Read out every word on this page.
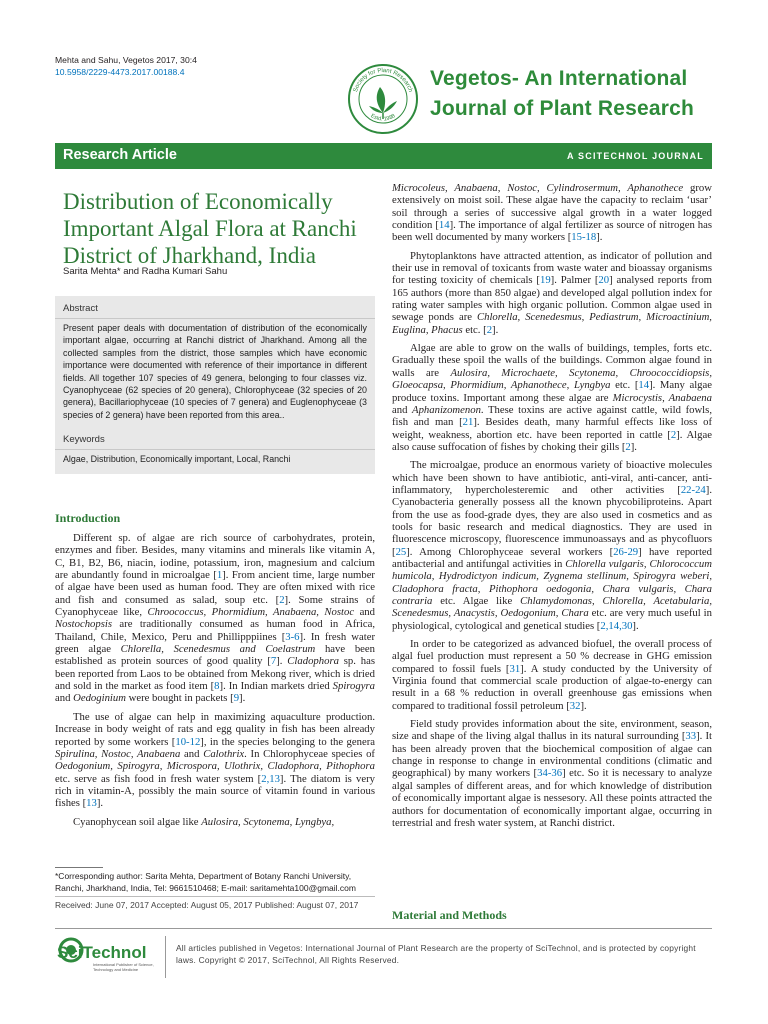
Mehta and Sahu, Vegetos 2017, 30:4
10.5958/2229-4473.2017.00188.4
Society for Plant Research
Estd. 1988
Vegetos- An International
Journal of Plant Research
Research Article	A SCITECHNOL JOURNAL
Distribution of Economically
Important Algal Flora at Ranchi
District of Jharkhand, India
Sarita Mehta* and Radha Kumari Sahu
Abstract
Present paper deals with documentation of distribution of the economically important algae, occurring at Ranchi district of Jharkhand. Among all the collected samples from the district, those samples which have economic importance were documented with reference of their importance in different fields. All together 107 species of 49 genera, belonging to four classes viz. Cyanophyceae (62 species of 20 genera), Chlorophyceae (32 species of 20 genera), Bacillariophyceae (10 species of 7 genera) and Euglenophyceae (3 species of 2 genera) have been reported from this area..
Keywords
Algae, Distribution, Economically important, Local, Ranchi
Introduction

Different sp. of algae are rich source of carbohydrates, protein, enzymes and fiber. Besides, many vitamins and minerals like vitamin A, C, B1, B2, B6, niacin, iodine, potassium, iron, magnesium and calcium are abundantly found in microalgae [1]. From ancient time, large number of algae have been used as human food. They are often mixed with rice and fish and consumed as salad, soup etc. [2]. Some strains of Cyanophyceae like, Chroococcus, Phormidium, Anabaena, Nostoc and Nostochopsis are traditionally consumed as human food in Africa, Thailand, Chile, Mexico, Peru and Phillipppiines [3-6]. In fresh water green algae Chlorella, Scenedesmus and Coelastrum have been established as protein sources of good quality [7]. Cladophora sp. has been reported from Laos to be obtained from Mekong river, which is dried and sold in the market as food item [8]. In Indian markets dried Spirogyra and Oedoginium were bought in packets [9].

The use of algae can help in maximizing aquaculture production. Increase in body weight of rats and egg quality in fish has been already reported by some workers [10-12], in the species belonging to the genera Spirulina, Nostoc, Anabaena and Calothrix. In Chlorophyceae species of Oedogonium, Spirogyra, Microspora, Ulothrix, Cladophora, Pithophora etc. serve as fish food in fresh water system [2,13]. The diatom is very rich in vitamin-A, possibly the main source of vitamin found in various fishes [13].

Cyanophycean soil algae like Aulosira, Scytonema, Lyngbya,

*Corresponding author: Sarita Mehta, Department of Botany Ranchi University, Ranchi, Jharkhand, India, Tel: 9661510468; E-mail: saritamehta100@gmail.com
Received: June 07, 2017 Accepted: August 05, 2017 Published: August 07, 2017

Microcoleus, Anabaena, Nostoc, Cylindrosermum, Aphanothece grow extensively on moist soil. These algae have the capacity to reclaim ‘usar’ soil through a series of successive algal growth in a water logged condition [14]. The importance of algal fertilizer as source of nitrogen has been well documented by many workers [15-18].

Phytoplanktons have attracted attention, as indicator of pollution and their use in removal of toxicants from waste water and bioassay organisms for testing toxicity of chemicals [19]. Palmer [20] analysed reports from 165 authors (more than 850 algae) and developed algal pollution index for rating water samples with high organic pollution. Common algae used in sewage ponds are Chlorella, Scenedesmus, Pediastrum, Microactinium, Euglina, Phacus etc. [2].

Algae are able to grow on the walls of buildings, temples, forts etc. Gradually these spoil the walls of the buildings. Common algae found in walls are Aulosira, Microchaete, Scytonema, Chroococcidiopsis, Gloeocapsa, Phormidium, Aphanothece, Lyngbya etc. [14]. Many algae produce toxins. Important among these algae are Microcystis, Anabaena and Aphanizomenon. These toxins are active against cattle, wild fowls, fish and man [21]. Besides death, many harmful effects like loss of weight, weakness, abortion etc. have been reported in cattle [2]. Algae also cause suffocation of fishes by choking their gills [2].

The microalgae, produce an enormous variety of bioactive molecules which have been shown to have antibiotic, anti-viral, anti-cancer, anti-inflammatory, hypercholesteremic and other activities [22-24]. Cyanobacteria generally possess all the known phycobiliproteins. Apart from the use as food-grade dyes, they are also used in cosmetics and as tools for basic research and medical diagnostics. They are used in fluorescence microscopy, fluorescence immunoassays and as phycofluors [25]. Among Chlorophyceae several workers [26-29] have reported antibacterial and antifungal activities in Chlorella vulgaris, Chlorococcum humicola, Hydrodictyon indicum, Zygnema stellinum, Spirogyra weberi, Cladophora fracta, Pithophora oedogonia, Chara vulgaris, Chara contraria etc. Algae like Chlamydomonas, Chlorella, Acetabularia, Scenedesmus, Anacystis, Oedogonium, Chara etc. are very much useful in physiological, cytological and genetical studies [2,14,30].

In order to be categorized as advanced biofuel, the overall process of algal fuel production must represent a 50 % decrease in GHG emission compared to fossil fuels [31]. A study conducted by the University of Virginia found that commercial scale production of algae-to-energy can result in a 68 % reduction in overall greenhouse gas emissions when compared to traditional fossil petroleum [32].

Field study provides information about the site, environment, season, size and shape of the living algal thallus in its natural surrounding [33]. It has been already proven that the biochemical composition of algae can change in response to change in environmental conditions (climatic and geographical) by many workers [34-36] etc. So it is necessary to analyze algal samples of different areas, and for which knowledge of distribution of economically important algae is nessesory. All these points attracted the authors for documentation of economically important algae, occurring in terrestrial and fresh water system, at Ranchi district.

Material and Methods
SciTechnol
International Publisher of Science,
Technology and Medicine
All articles published in Vegetos: International Journal of Plant Research are the property of SciTechnol, and is protected by copyright laws. Copyright © 2017, SciTechnol, All Rights Reserved.
